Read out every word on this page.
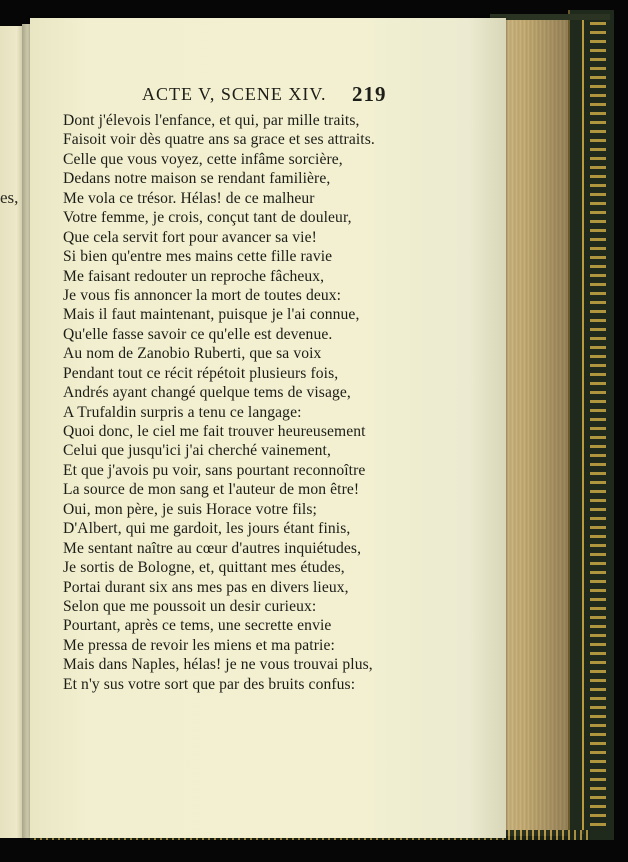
es,
ACTE V, SCENE XIV. 219
Dont j'élevois l'enfance, et qui, par mille traits,
Faisoit voir dès quatre ans sa grace et ses attraits.
Celle que vous voyez, cette infâme sorcière,
Dedans notre maison se rendant familière,
Me vola ce trésor. Hélas! de ce malheur
Votre femme, je crois, conçut tant de douleur,
Que cela servit fort pour avancer sa vie!
Si bien qu'entre mes mains cette fille ravie
Me faisant redouter un reproche fâcheux,
Je vous fis annoncer la mort de toutes deux:
Mais il faut maintenant, puisque je l'ai connue,
Qu'elle fasse savoir ce qu'elle est devenue.
Au nom de Zanobio Ruberti, que sa voix
Pendant tout ce récit répétoit plusieurs fois,
Andrés ayant changé quelque tems de visage,
A Trufaldin surpris a tenu ce langage:
Quoi donc, le ciel me fait trouver heureusement
Celui que jusqu'ici j'ai cherché vainement,
Et que j'avois pu voir, sans pourtant reconnoître
La source de mon sang et l'auteur de mon être!
Oui, mon père, je suis Horace votre fils;
D'Albert, qui me gardoit, les jours étant finis,
Me sentant naître au cœur d'autres inquiétudes,
Je sortis de Bologne, et, quittant mes études,
Portai durant six ans mes pas en divers lieux,
Selon que me poussoit un desir curieux:
Pourtant, après ce tems, une secrette envie
Me pressa de revoir les miens et ma patrie:
Mais dans Naples, hélas! je ne vous trouvai plus,
Et n'y sus votre sort que par des bruits confus:
